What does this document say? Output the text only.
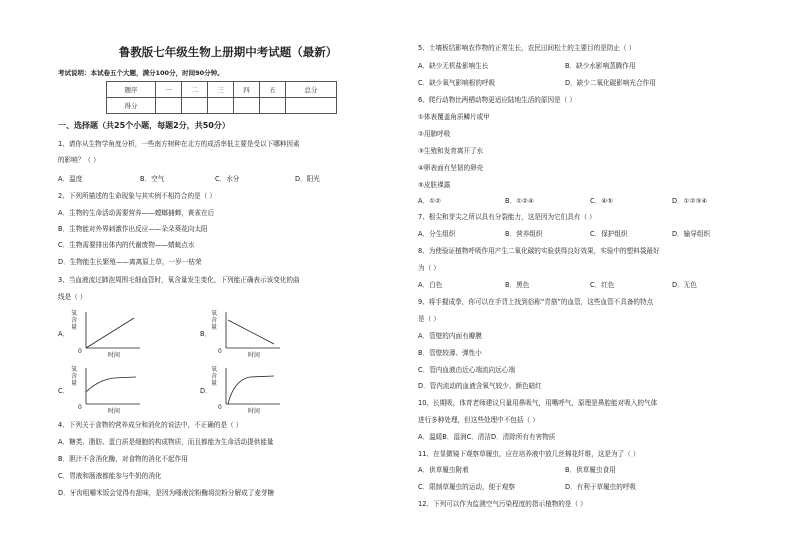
鲁教版七年级生物上册期中考试题（最新）
考试说明：本试卷五个大题，满分100分，时间90分钟。
题序	一	二	三	四	五	总分
得分						
一、选择题（共25个小题，每题2分，共50分）
1、请你从生物学角度分析，一些南方树种在北方的成活率低主要是受以下哪种因素
的影响？（ ）
A．温度	B．空气	C．水分	D．阳光
2、下列所描述的生命现象与其实例不相符合的是（ ）
A．生物的生命活动需要营养——螳螂捕蝉，黄雀在后
B．生物能对外界刺激作出反应——朵朵葵花向太阳
C．生物需要排出体内的代谢废物——蜻蜓点水
D．生物能生长繁殖——离离原上草，一岁一枯荣
3、当血液流过肺泡周围毛细血管时，氧含量发生变化，下列能正确表示该变化的曲
线是（ ）
A．
氧
含
量
0
时间
B．
氧
含
量
0
时间
C．
氧
含
量
0
时间
D．
氧
含
量
0
时间
4、下列关于食物的营养成分和消化的说法中，不正确的是（ ）
A．糖类、脂肪、蛋白质是细胞的构成物质，而且都能为生命活动提供能量
B．胆汁不含消化酶，对食物的消化不起作用
C．胃液和肠液都能参与牛奶的消化
D．牙齿咀嚼米饭会觉得有甜味，是因为唾液淀粉酶将淀粉分解成了麦芽糖
5、土壤板结影响农作物的正常生长，农民田间松土的主要目的是防止（ ）
A．缺少无机盐影响生长	B．缺少水影响蒸腾作用
C．缺少氧气影响根的呼吸	D．缺少二氧化碳影响光合作用
6、爬行动物比两栖动物更适应陆地生活的原因是（ ）
①体表覆盖角质鳞片或甲
②用肺呼吸
③生殖和发育离开了水
④卵表面有坚韧的卵壳
⑤皮肤裸露
A．①②	B．①②④	C．④⑤	D．①②③④
7、根尖和芽尖之所以具有分裂能力，这是因为它们具有（ ）
A．分生组织	B．营养组织	C．保护组织	D．输导组织
8、为使验证植物呼吸作用产生二氧化碳的实验获得良好效果，实验中的塑料袋最好
为（ ）
A．白色	B．黑色	C．红色	D．无色
9、将手握成拳，你可以在手背上找到俗称“青筋”的血管，这些血管不具备的特点
是（ ）
A．管壁的内面有瓣膜
B．管壁较薄、弹性小
C．管内血液由近心端流向远心端
D．管内流动的血液含氧气较少、颜色暗红
10、长期吸，体育老师建议只量用鼻吸气，用嘴呼气，原理是鼻腔能对吸入的气体
进行多种处理，但这些处理中不包括（ ）
A．温暖B．湿润C．清洁D．清除所有有害物质
11、在显微镜下观察草履虫，应在培养液中放几丝棉花纤维，这是为了（ ）
A．供草履虫附着	B．供草履虫食用
C．限制草履虫的运动，便于观察	D．有利于草履虫的呼吸
12、下列可以作为监测空气污染程度的指示植物的是（ ）
